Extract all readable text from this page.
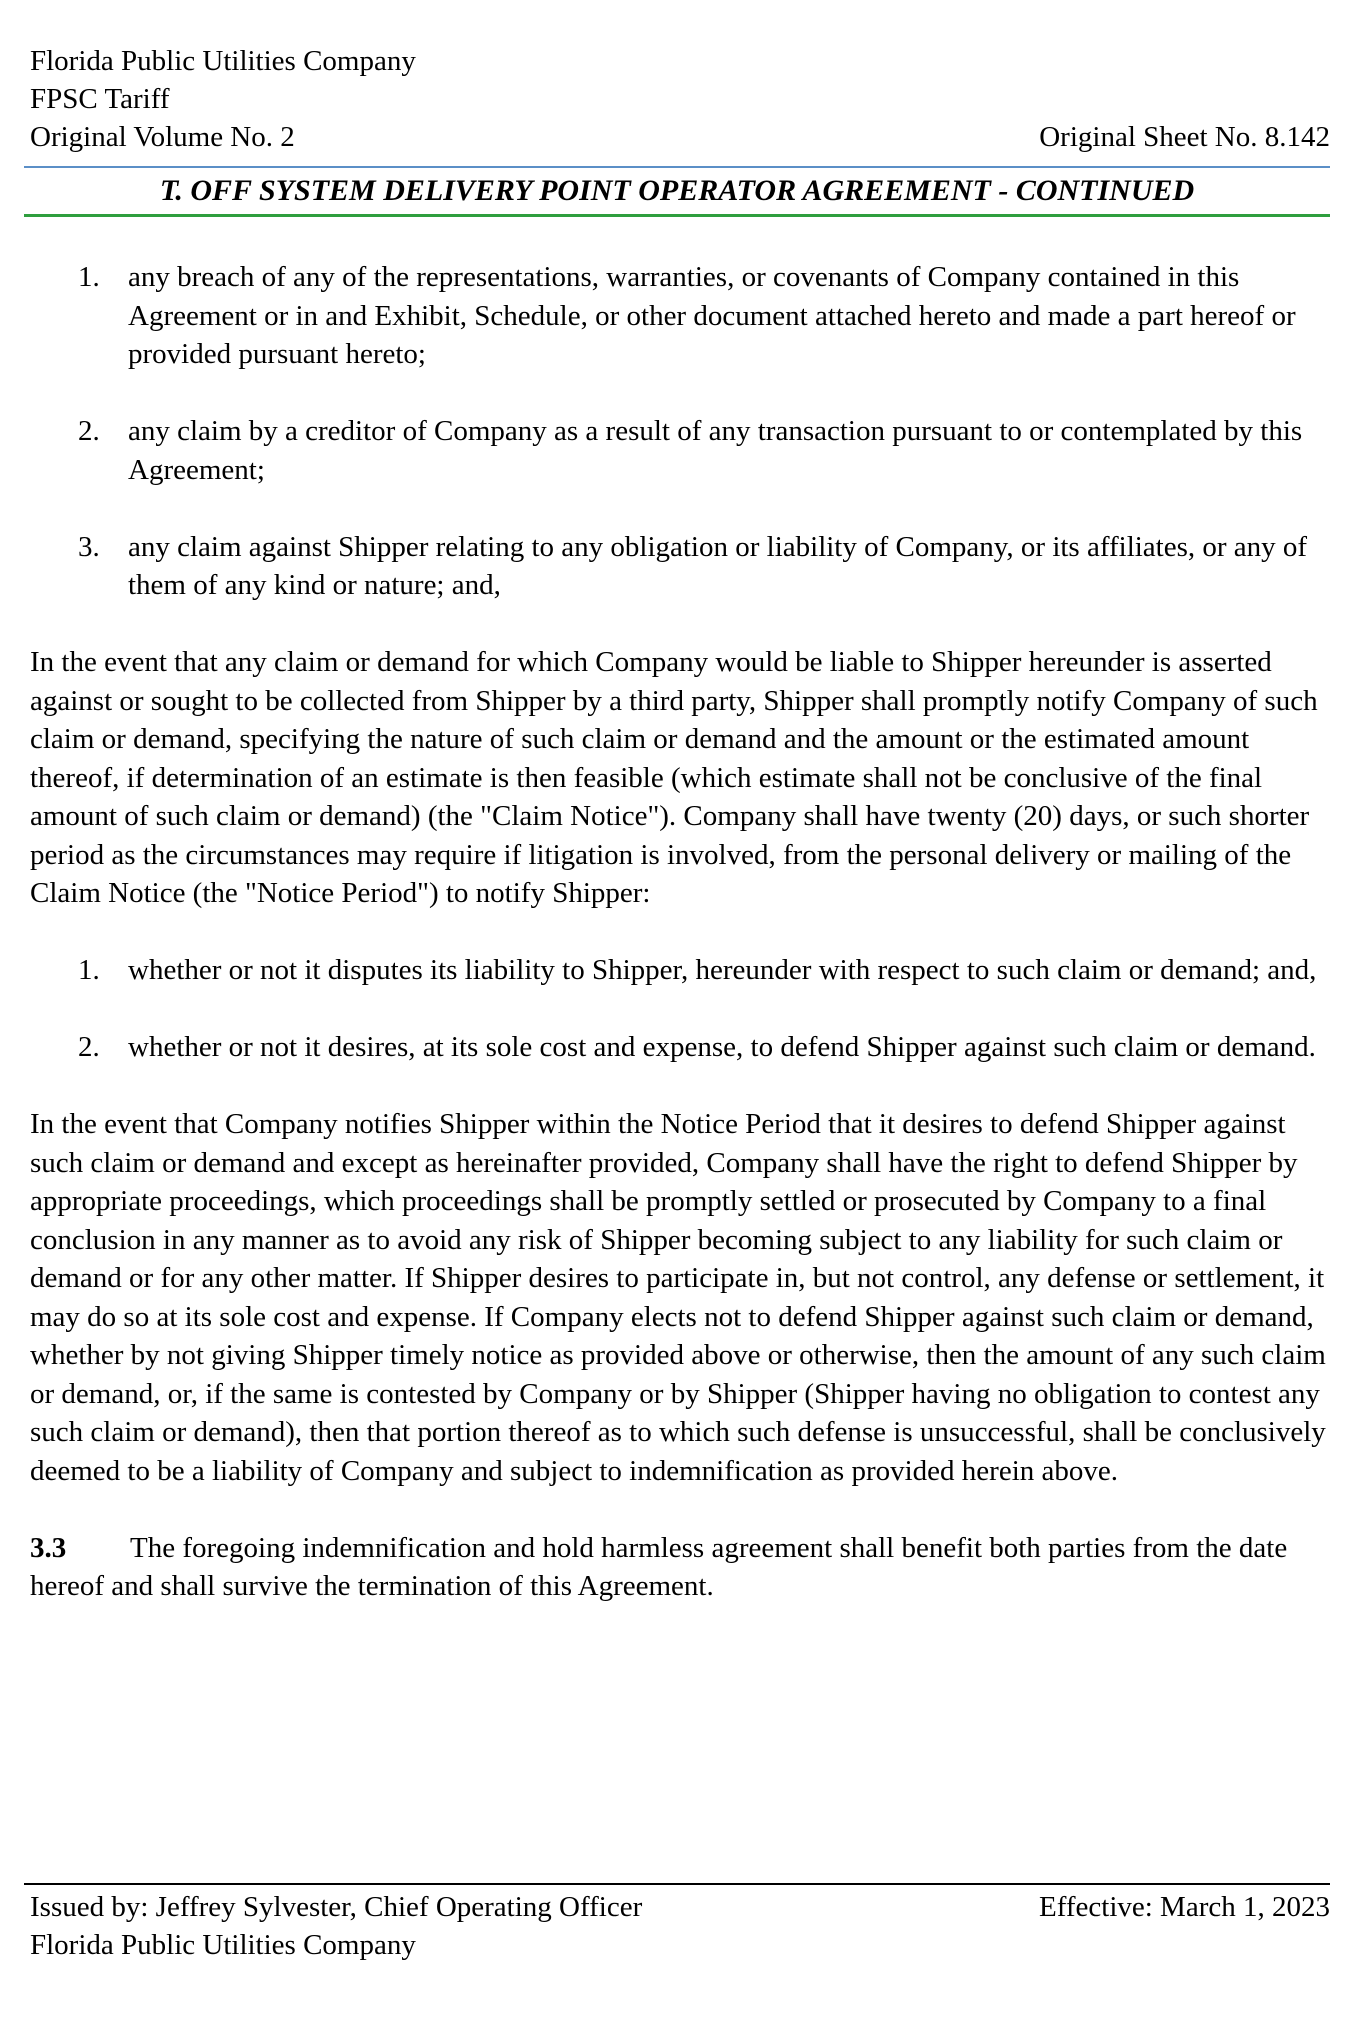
Florida Public Utilities Company
FPSC Tariff
Original Volume No. 2	Original Sheet No. 8.142
T. OFF SYSTEM DELIVERY POINT OPERATOR AGREEMENT - CONTINUED
1. any breach of any of the representations, warranties, or covenants of Company contained in this Agreement or in and Exhibit, Schedule, or other document attached hereto and made a part hereof or provided pursuant hereto;
2. any claim by a creditor of Company as a result of any transaction pursuant to or contemplated by this Agreement;
3. any claim against Shipper relating to any obligation or liability of Company, or its affiliates, or any of them of any kind or nature; and,

In the event that any claim or demand for which Company would be liable to Shipper hereunder is asserted against or sought to be collected from Shipper by a third party, Shipper shall promptly notify Company of such claim or demand, specifying the nature of such claim or demand and the amount or the estimated amount thereof, if determination of an estimate is then feasible (which estimate shall not be conclusive of the final amount of such claim or demand) (the "Claim Notice"). Company shall have twenty (20) days, or such shorter period as the circumstances may require if litigation is involved, from the personal delivery or mailing of the Claim Notice (the "Notice Period") to notify Shipper:

1. whether or not it disputes its liability to Shipper, hereunder with respect to such claim or demand; and,
2. whether or not it desires, at its sole cost and expense, to defend Shipper against such claim or demand.

In the event that Company notifies Shipper within the Notice Period that it desires to defend Shipper against such claim or demand and except as hereinafter provided, Company shall have the right to defend Shipper by appropriate proceedings, which proceedings shall be promptly settled or prosecuted by Company to a final conclusion in any manner as to avoid any risk of Shipper becoming subject to any liability for such claim or demand or for any other matter. If Shipper desires to participate in, but not control, any defense or settlement, it may do so at its sole cost and expense. If Company elects not to defend Shipper against such claim or demand, whether by not giving Shipper timely notice as provided above or otherwise, then the amount of any such claim or demand, or, if the same is contested by Company or by Shipper (Shipper having no obligation to contest any such claim or demand), then that portion thereof as to which such defense is unsuccessful, shall be conclusively deemed to be a liability of Company and subject to indemnification as provided herein above.

3.3 The foregoing indemnification and hold harmless agreement shall benefit both parties from the date hereof and shall survive the termination of this Agreement.

Issued by: Jeffrey Sylvester, Chief Operating Officer	Effective: March 1, 2023
Florida Public Utilities Company
